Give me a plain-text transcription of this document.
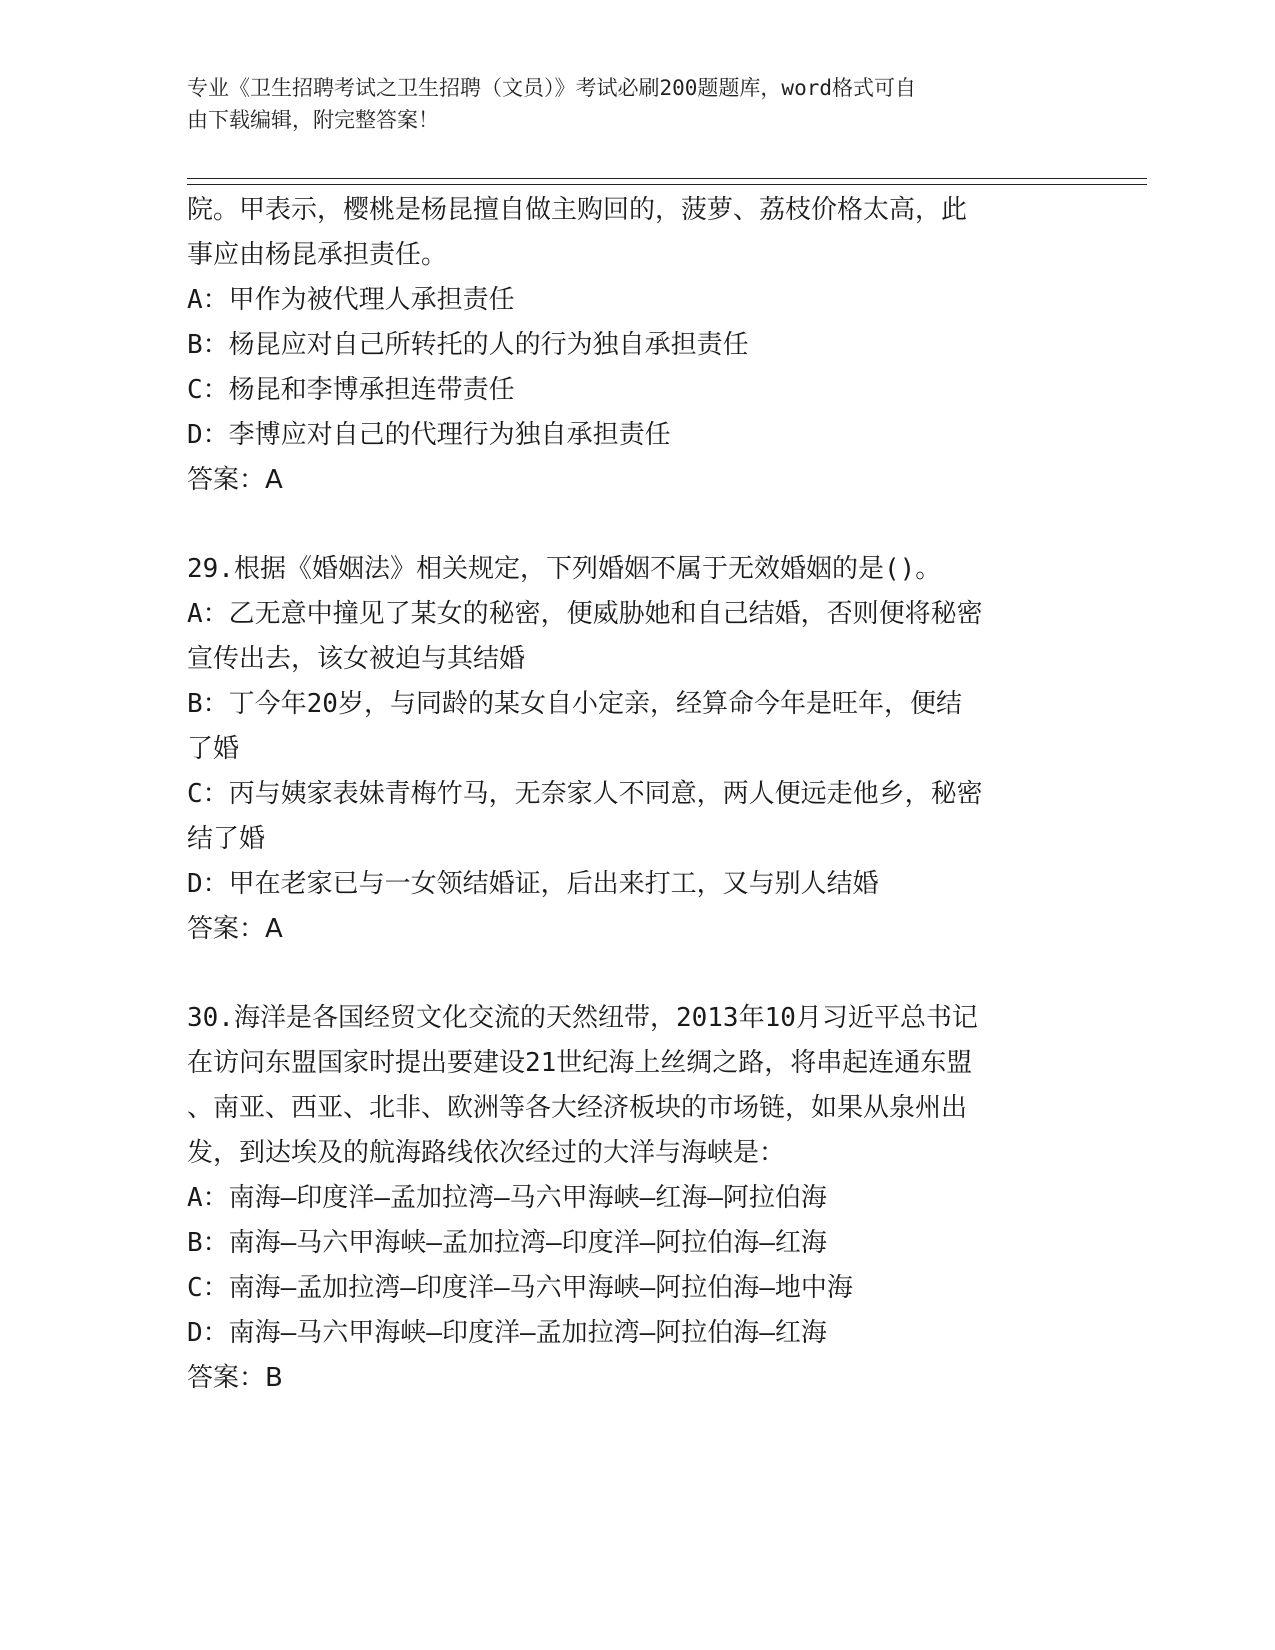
专业《卫生招聘考试之卫生招聘（文员）》考试必刷200题题库，word格式可自
由下载编辑，附完整答案！
院。甲表示，樱桃是杨昆擅自做主购回的，菠萝、荔枝价格太高，此
事应由杨昆承担责任。
A：甲作为被代理人承担责任
B：杨昆应对自己所转托的人的行为独自承担责任
C：杨昆和李博承担连带责任
D：李博应对自己的代理行为独自承担责任
答案：A
29.根据《婚姻法》相关规定，下列婚姻不属于无效婚姻的是()。
A：乙无意中撞见了某女的秘密，便威胁她和自己结婚，否则便将秘密
宣传出去，该女被迫与其结婚
B：丁今年20岁，与同龄的某女自小定亲，经算命今年是旺年，便结
了婚
C：丙与姨家表妹青梅竹马，无奈家人不同意，两人便远走他乡，秘密
结了婚
D：甲在老家已与一女领结婚证，后出来打工，又与别人结婚
答案：A
30.海洋是各国经贸文化交流的天然纽带，2013年10月习近平总书记
在访问东盟国家时提出要建设21世纪海上丝绸之路，将串起连通东盟
、南亚、西亚、北非、欧洲等各大经济板块的市场链，如果从泉州出
发，到达埃及的航海路线依次经过的大洋与海峡是：
A：南海—印度洋—孟加拉湾—马六甲海峡—红海—阿拉伯海
B：南海—马六甲海峡—孟加拉湾—印度洋—阿拉伯海—红海
C：南海—孟加拉湾—印度洋—马六甲海峡—阿拉伯海—地中海
D：南海—马六甲海峡—印度洋—孟加拉湾—阿拉伯海—红海
答案：B
